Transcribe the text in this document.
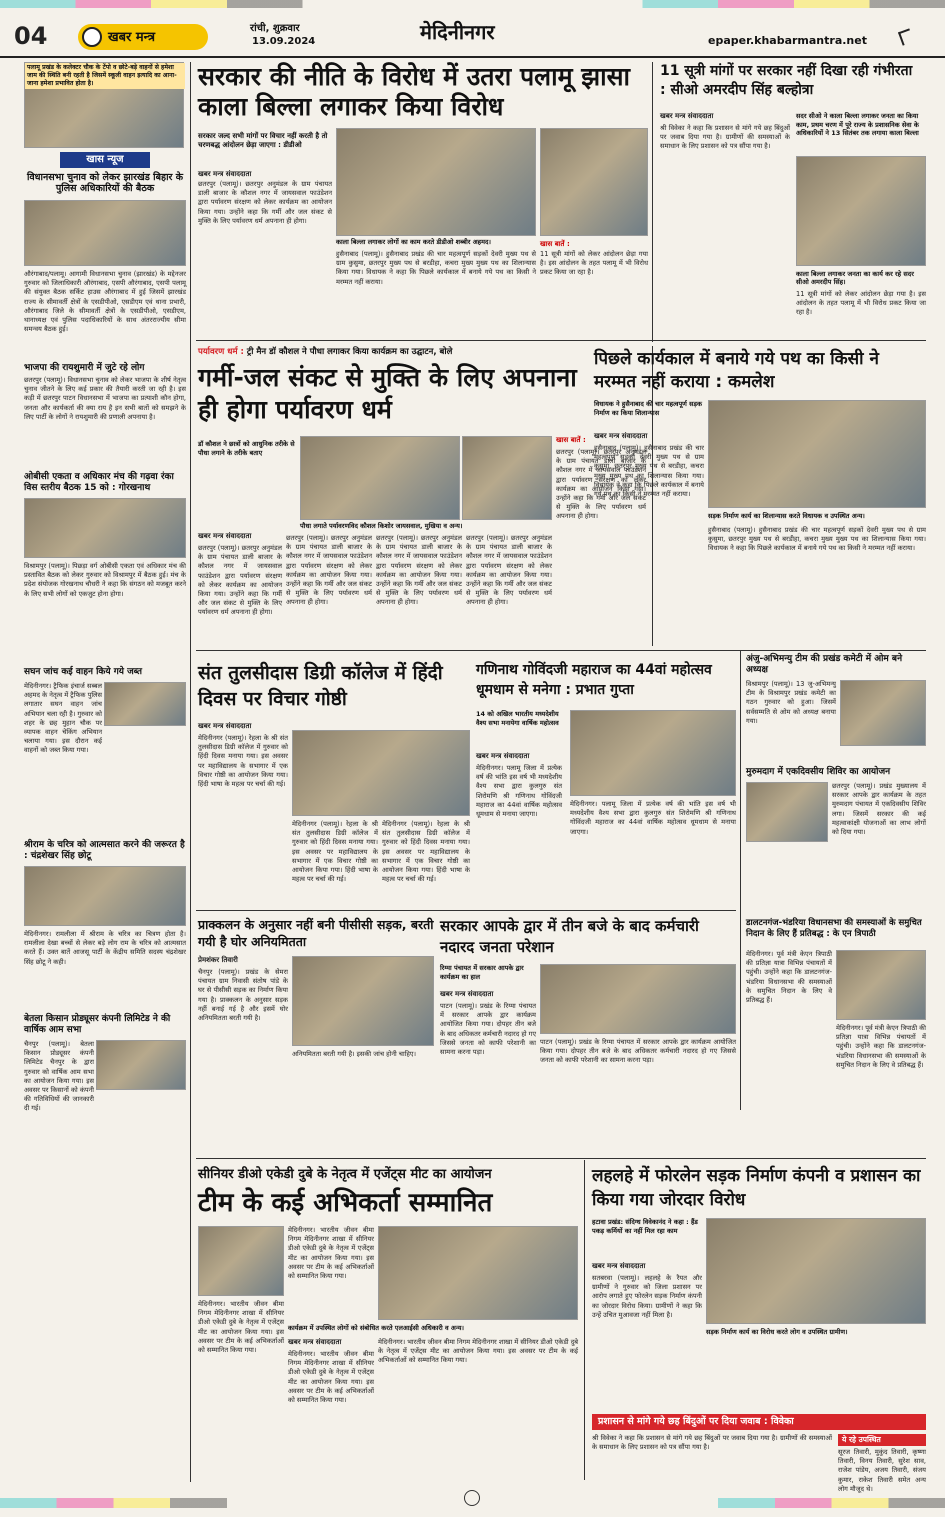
04	खबर मन्त्र
रांची, शुक्रवार
13.09.2024	मेदिनीनगर	epaper.khabarmantra.net
पलामू प्रखंड के कलेक्टर चौक के टेंपो व छोटे-बड़े वाहनों से हमेशा जाम की स्थिति बनी रहती है जिसमें स्कूली वाहन इत्यादि का आना-जाना हमेशा प्रभावित होता है।
खास न्यूज
विधानसभा चुनाव को लेकर झारखंड बिहार के पुलिस अधिकारियों की बैठक
औरंगाबाद/पलामू। आगामी विधानसभा चुनाव (झारखंड) के मद्देनजर गुरुवार को जिलाधिकारी औरंगाबाद, एसपी औरंगाबाद, एसपी पलामू की संयुक्त बैठक सर्किट हाउस औरंगाबाद में हुई जिसमें झारखंड राज्य के सीमावर्ती क्षेत्रों के एसडीपीओ, एसडीएम एवं थाना प्रभारी, औरंगाबाद जिले के सीमावर्ती क्षेत्रों के एसडीपीओ, एसडीएम, थानाध्यक्ष एवं पुलिस पदाधिकारियों के साथ अंतरराज्यीय सीमा समन्वय बैठक हुई।
भाजपा की रायशुमारी में जुटे रहे लोग
छतरपुर (पलामू)। विधानसभा चुनाव को लेकर भाजपा के शीर्ष नेतृत्व चुनाव जीतने के लिए कई प्रकार की तैयारी करती जा रही है। इस कड़ी में छतरपुर पाटन विधानसभा में भाजपा का प्रत्याशी कौन होगा, जनता और कार्यकर्ता की क्या राय है इन सभी बातों को समझने के लिए पार्टी के लोगों ने रायशुमारी की प्रणाली अपनाया है।
ओबीसी एकता व अधिकार मंच की गढ़वा रंका विस स्तरीय बैठक 15 को : गोरखनाथ
विश्रामपुर (पलामू)। पिछड़ा वर्ग ओबीसी एकता एवं अधिकार मंच की प्रस्तावित बैठक को लेकर गुरुवार को विश्रामपुर में बैठक हुई। मंच के प्रदेश संयोजक गोरखनाथ चौधरी ने कहा कि संगठन को मजबूत करने के लिए सभी लोगों को एकजुट होना होगा।
सघन जांच कई वाहन किये गये जब्त
मेदिनीनगर। ट्रैफिक इंचार्ज सब्बल अहमद के नेतृत्व में ट्रैफिक पुलिस लगातार सघन वाहन जांच अभियान चला रही है। गुरुवार को शहर के छह मुहान चौक पर व्यापक वाहन चेकिंग अभियान चलाया गया। इस दौरान कई वाहनों को जब्त किया गया।
श्रीराम के चरित्र को आत्मसात करने की जरूरत है : चंद्रशेखर सिंह छोटू
मेदिनीनगर। रामलीला में श्रीराम के चरित्र का चित्रण होता है। रामलीला देखा बच्चों से लेकर बड़े लोग राम के चरित्र को आत्मसात करते हैं। उक्त बातें आजसू पार्टी के केंद्रीय समिति सदस्य चंद्रशेखर सिंह छोटू ने कही।
बेतला किसान प्रोड्यूसर कंपनी लिमिटेड ने की वार्षिक आम सभा
चैनपुर (पलामू)। बेतला किसान प्रोड्यूसर कंपनी लिमिटेड चैनपुर के द्वारा गुरुवार को वार्षिक आम सभा का आयोजन किया गया। इस अवसर पर किसानों को कंपनी की गतिविधियों की जानकारी दी गई।
सरकार की नीति के विरोध में उतरा पलामू झासा काला बिल्ला लगाकर किया विरोध
काला बिल्ला लगाकर लोगों का काम करते डीडीओ शब्बीर अहमद।
सरकार जल्द सभी मांगों पर विचार नहीं करती है तो चरणबद्ध आंदोलन छेड़ा जाएगा : डीडीओ
खबर मन्त्र संवाददाता
छतरपुर (पलामू)। छतरपुर अनुमंडल के ग्राम पंचायत डाली बाजार के कौशल नगर में जायसवाल फाउंडेशन द्वारा पर्यावरण संरक्षण को लेकर कार्यक्रम का आयोजन किया गया। उन्होंने कहा कि गर्मी और जल संकट से मुक्ति के लिए पर्यावरण धर्म अपनाना ही होगा।
खास बातें :
हुसैनाबाद (पलामू)। हुसैनाबाद प्रखंड की चार महत्वपूर्ण सड़कों देवरी मुख्य पथ से ग्राम कुसुमा, छतरपुर मुख्य पथ से बरडीहा, कचरा मुख्य मुख्य पथ का शिलान्यास किया गया। विधायक ने कहा कि पिछले कार्यकाल में बनाये गये पथ का किसी ने मरम्मत नहीं कराया।
11 सूत्री मांगों को लेकर आंदोलन छेड़ा गया है। इस आंदोलन के तहत पलामू में भी विरोध प्रकट किया जा रहा है।
11 सूत्री मांगों पर सरकार नहीं दिखा रही गंभीरता : सीओ अमरदीप सिंह बल्होत्रा
खबर मन्त्र संवाददाता
श्री विवेका ने कहा कि प्रशासन से मांगे गये छह बिंदुओं पर जवाब दिया गया है। ग्रामीणों की समस्याओं के समाधान के लिए प्रशासन को पत्र सौंपा गया है।
सदर सीओ ने काला बिल्ला लगाकर जनता का किया काम, प्रथम चरण में पूरे राज्य के प्रशासनिक सेवा के अधिकारियों ने 13 सितंबर तक लगाया काला बिल्ला
काला बिल्ला लगाकर जनता का कार्य कर रहे सदर सीओ अमरदीप सिंह।
11 सूत्री मांगों को लेकर आंदोलन छेड़ा गया है। इस आंदोलन के तहत पलामू में भी विरोध प्रकट किया जा रहा है।
पर्यावरण धर्म : ट्री मैन डॉ कौशल ने पौधा लगाकर किया कार्यक्रम का उद्घाटन, बोले
गर्मी-जल संकट से मुक्ति के लिए अपनाना ही होगा पर्यावरण धर्म
डॉ कौशल ने छात्रों को आधुनिक तरीके से पौधा लगाने के तरीके बताए
पौधा लगाते पर्यावरणविद कौशल किशोर जायसवाल, मुखिया व अन्य।
खबर मन्त्र संवाददाता
छतरपुर (पलामू)। छतरपुर अनुमंडल के ग्राम पंचायत डाली बाजार के कौशल नगर में जायसवाल फाउंडेशन द्वारा पर्यावरण संरक्षण को लेकर कार्यक्रम का आयोजन किया गया। उन्होंने कहा कि गर्मी और जल संकट से मुक्ति के लिए पर्यावरण धर्म अपनाना ही होगा।
छतरपुर (पलामू)। छतरपुर अनुमंडल के ग्राम पंचायत डाली बाजार के कौशल नगर में जायसवाल फाउंडेशन द्वारा पर्यावरण संरक्षण को लेकर कार्यक्रम का आयोजन किया गया। उन्होंने कहा कि गर्मी और जल संकट से मुक्ति के लिए पर्यावरण धर्म अपनाना ही होगा।
छतरपुर (पलामू)। छतरपुर अनुमंडल के ग्राम पंचायत डाली बाजार के कौशल नगर में जायसवाल फाउंडेशन द्वारा पर्यावरण संरक्षण को लेकर कार्यक्रम का आयोजन किया गया। उन्होंने कहा कि गर्मी और जल संकट से मुक्ति के लिए पर्यावरण धर्म अपनाना ही होगा।
छतरपुर (पलामू)। छतरपुर अनुमंडल के ग्राम पंचायत डाली बाजार के कौशल नगर में जायसवाल फाउंडेशन द्वारा पर्यावरण संरक्षण को लेकर कार्यक्रम का आयोजन किया गया। उन्होंने कहा कि गर्मी और जल संकट से मुक्ति के लिए पर्यावरण धर्म अपनाना ही होगा।
खास बातें :
छतरपुर (पलामू)। छतरपुर अनुमंडल के ग्राम पंचायत डाली बाजार के कौशल नगर में जायसवाल फाउंडेशन द्वारा पर्यावरण संरक्षण को लेकर कार्यक्रम का आयोजन किया गया। उन्होंने कहा कि गर्मी और जल संकट से मुक्ति के लिए पर्यावरण धर्म अपनाना ही होगा।
पिछले कार्यकाल में बनाये गये पथ का किसी ने मरम्मत नहीं कराया : कमलेश
विधायक ने हुसैनाबाद की चार महत्वपूर्ण सड़क निर्माण का किया शिलान्यास
खबर मन्त्र संवाददाता
हुसैनाबाद (पलामू)। हुसैनाबाद प्रखंड की चार महत्वपूर्ण सड़कों देवरी मुख्य पथ से ग्राम कुसुमा, छतरपुर मुख्य पथ से बरडीहा, कचरा मुख्य मुख्य पथ का शिलान्यास किया गया। विधायक ने कहा कि पिछले कार्यकाल में बनाये गये पथ का किसी ने मरम्मत नहीं कराया।
सड़क निर्माण कार्य का शिलान्यास करते विधायक व उपस्थित अन्य।
हुसैनाबाद (पलामू)। हुसैनाबाद प्रखंड की चार महत्वपूर्ण सड़कों देवरी मुख्य पथ से ग्राम कुसुमा, छतरपुर मुख्य पथ से बरडीहा, कचरा मुख्य मुख्य पथ का शिलान्यास किया गया। विधायक ने कहा कि पिछले कार्यकाल में बनाये गये पथ का किसी ने मरम्मत नहीं कराया।
संत तुलसीदास डिग्री कॉलेज में हिंदी दिवस पर विचार गोष्ठी
खबर मन्त्र संवाददाता
मेदिनीनगर (पलामू)। रेहला के श्री संत तुलसीदास डिग्री कॉलेज में गुरुवार को हिंदी दिवस मनाया गया। इस अवसर पर महाविद्यालय के सभागार में एक विचार गोष्ठी का आयोजन किया गया। हिंदी भाषा के महत्व पर चर्चा की गई।
मेदिनीनगर (पलामू)। रेहला के श्री संत तुलसीदास डिग्री कॉलेज में गुरुवार को हिंदी दिवस मनाया गया। इस अवसर पर महाविद्यालय के सभागार में एक विचार गोष्ठी का आयोजन किया गया। हिंदी भाषा के महत्व पर चर्चा की गई।
मेदिनीनगर (पलामू)। रेहला के श्री संत तुलसीदास डिग्री कॉलेज में गुरुवार को हिंदी दिवस मनाया गया। इस अवसर पर महाविद्यालय के सभागार में एक विचार गोष्ठी का आयोजन किया गया। हिंदी भाषा के महत्व पर चर्चा की गई।
गणिनाथ गोविंदजी महाराज का 44वां महोत्सव धूमधाम से मनेगा : प्रभात गुप्ता
14 को अखिल भारतीय मध्यदेशीय वैश्य सभा मनायेगा वार्षिक महोत्सव
खबर मन्त्र संवाददाता
मेदिनीनगर। पलामू जिला में प्रत्येक वर्ष की भांति इस वर्ष भी मध्यदेशीय वैश्य सभा द्वारा कुलगुरु संत शिरोमणि श्री गणिनाथ गोविंदजी महाराज का 44वां वार्षिक महोत्सव धूमधाम से मनाया जाएगा।
मेदिनीनगर। पलामू जिला में प्रत्येक वर्ष की भांति इस वर्ष भी मध्यदेशीय वैश्य सभा द्वारा कुलगुरु संत शिरोमणि श्री गणिनाथ गोविंदजी महाराज का 44वां वार्षिक महोत्सव धूमधाम से मनाया जाएगा।
अंजु-अभिमन्यु टीम की प्रखंड कमेटी में ओम बने अध्यक्ष
विश्रामपुर (पलामू)। 13 जु-अभिमन्यु टीम के विश्रामपुर प्रखंड कमेटी का गठन गुरुवार को हुआ। जिसमें सर्वसम्मति से ओम को अध्यक्ष बनाया गया।
मुरुमदाग में एकदिवसीय शिविर का आयोजन
छतरपुर (पलामू)। प्रखंड मुख्यालय में सरकार आपके द्वार कार्यक्रम के तहत मुरुमदाग पंचायत में एकदिवसीय शिविर लगा। जिसमें सरकार की कई महत्वाकांक्षी योजनाओं का लाभ लोगों को दिया गया।
डालटनगंज-भंडरिया विधानसभा की समस्याओं के समुचित निदान के लिए हैं प्रतिबद्ध : के एन त्रिपाठी
मेदिनीनगर। पूर्व मंत्री केएन त्रिपाठी की प्रतिज्ञा यात्रा विभिन्न पंचायतों में पहुंची। उन्होंने कहा कि डालटनगंज-भंडरिया विधानसभा की समस्याओं के समुचित निदान के लिए वे प्रतिबद्ध हैं।
मेदिनीनगर। पूर्व मंत्री केएन त्रिपाठी की प्रतिज्ञा यात्रा विभिन्न पंचायतों में पहुंची। उन्होंने कहा कि डालटनगंज-भंडरिया विधानसभा की समस्याओं के समुचित निदान के लिए वे प्रतिबद्ध हैं।
प्राक्कलन के अनुसार नहीं बनी पीसीसी सड़क, बरती गयी है घोर अनियमितता
प्रेमशंकर तिवारी
चैनपुर (पलामू)। प्रखंड के सेमरा पंचायत ग्राम निवासी संतोष पांडे के घर से पीसीसी सड़क का निर्माण किया गया है। प्राक्कलन के अनुसार सड़क नहीं बनाई गई है और इसमें घोर अनियमितता बरती गयी है।
अनियमितता बरती गयी है। इसकी जांच होनी चाहिए।
सरकार आपके द्वार में तीन बजे के बाद कर्मचारी नदारद जनता परेशान
रिग्मा पंचायत में सरकार आपके द्वार कार्यक्रम का हाल
खबर मन्त्र संवाददाता
पाटन (पलामू)। प्रखंड के रिग्मा पंचायत में सरकार आपके द्वार कार्यक्रम आयोजित किया गया। दोपहर तीन बजे के बाद अधिकतर कर्मचारी नदारद हो गए जिससे जनता को काफी परेशानी का सामना करना पड़ा।
पाटन (पलामू)। प्रखंड के रिग्मा पंचायत में सरकार आपके द्वार कार्यक्रम आयोजित किया गया। दोपहर तीन बजे के बाद अधिकतर कर्मचारी नदारद हो गए जिससे जनता को काफी परेशानी का सामना करना पड़ा।
सीनियर डीओ एकेडी दुबे के नेतृत्व में एजेंट्स मीट का आयोजन
टीम के कई अभिकर्ता सम्मानित
मेदिनीनगर। भारतीय जीवन बीमा निगम मेदिनीनगर शाखा में सीनियर डीओ एकेडी दुबे के नेतृत्व में एजेंट्स मीट का आयोजन किया गया। इस अवसर पर टीम के कई अभिकर्ताओं को सम्मानित किया गया।
मेदिनीनगर। भारतीय जीवन बीमा निगम मेदिनीनगर शाखा में सीनियर डीओ एकेडी दुबे के नेतृत्व में एजेंट्स मीट का आयोजन किया गया। इस अवसर पर टीम के कई अभिकर्ताओं को सम्मानित किया गया।
कार्यक्रम में उपस्थित लोगों को संबोधित करते एलआईसी अधिकारी व अन्य।
खबर मन्त्र संवाददाता
मेदिनीनगर। भारतीय जीवन बीमा निगम मेदिनीनगर शाखा में सीनियर डीओ एकेडी दुबे के नेतृत्व में एजेंट्स मीट का आयोजन किया गया। इस अवसर पर टीम के कई अभिकर्ताओं को सम्मानित किया गया।
मेदिनीनगर। भारतीय जीवन बीमा निगम मेदिनीनगर शाखा में सीनियर डीओ एकेडी दुबे के नेतृत्व में एजेंट्स मीट का आयोजन किया गया। इस अवसर पर टीम के कई अभिकर्ताओं को सम्मानित किया गया।
लहलहे में फोरलेन सड़क निर्माण कंपनी व प्रशासन का किया गया जोरदार विरोध
हटावा प्रखंड: संदिग्ध विवेकानंद ने कहा : हैंड पकड़ कर्मियों का नहीं मिल रहा काम
खबर मन्त्र संवाददाता
सतबरवा (पलामू)। लहलहे के रैयत और ग्रामीणों ने गुरुवार को जिला प्रशासन पर आरोप लगाते हुए फोरलेन सड़क निर्माण कंपनी का जोरदार विरोध किया। ग्रामीणों ने कहा कि उन्हें उचित मुआवजा नहीं मिला है।
सड़क निर्माण कार्य का विरोध करते लोग व उपस्थित ग्रामीण।
प्रशासन से मांगे गये छह बिंदुओं पर दिया जवाब : विवेका
श्री विवेका ने कहा कि प्रशासन से मांगे गये छह बिंदुओं पर जवाब दिया गया है। ग्रामीणों की समस्याओं के समाधान के लिए प्रशासन को पत्र सौंपा गया है।
ये रहे उपस्थित
सूरज तिवारी, मुकुंद तिवारी, कृष्णा तिवारी, विनय तिवारी, सुरेश साव, राजेश पांडेय, अजय तिवारी, संजय कुमार, राकेश तिवारी समेत अन्य लोग मौजूद थे।
